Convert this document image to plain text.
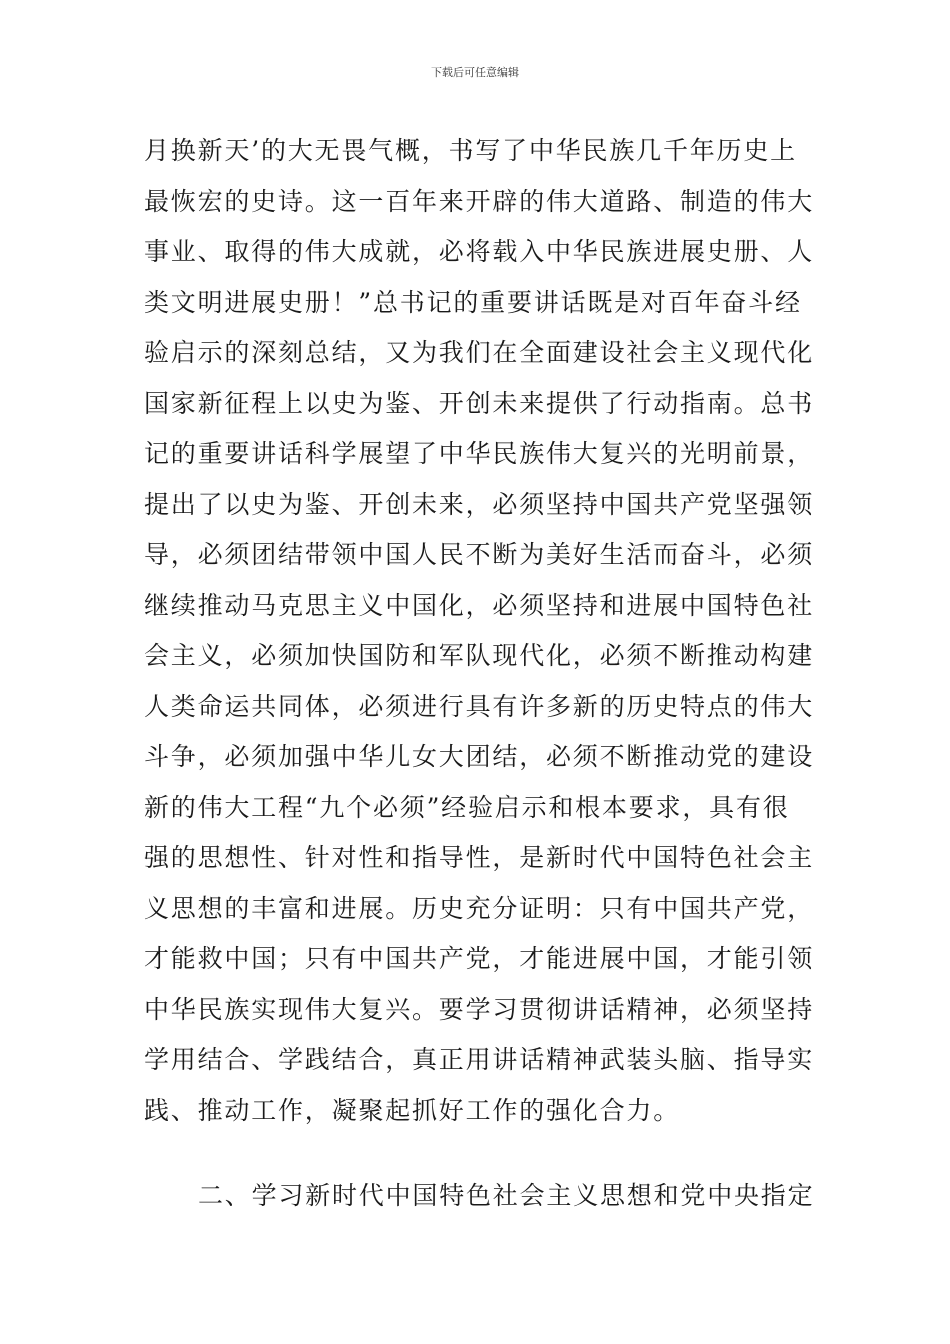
下载后可任意编辑
月换新天’的大无畏气概，书写了中华民族几千年历史上
最恢宏的史诗。这一百年来开辟的伟大道路、制造的伟大
事业、取得的伟大成就，必将载入中华民族进展史册、人
类文明进展史册！”总书记的重要讲话既是对百年奋斗经
验启示的深刻总结，又为我们在全面建设社会主义现代化
国家新征程上以史为鉴、开创未来提供了行动指南。总书
记的重要讲话科学展望了中华民族伟大复兴的光明前景，
提出了以史为鉴、开创未来，必须坚持中国共产党坚强领
导，必须团结带领中国人民不断为美好生活而奋斗，必须
继续推动马克思主义中国化，必须坚持和进展中国特色社
会主义，必须加快国防和军队现代化，必须不断推动构建
人类命运共同体，必须进行具有许多新的历史特点的伟大
斗争，必须加强中华儿女大团结，必须不断推动党的建设
新的伟大工程“九个必须”经验启示和根本要求，具有很
强的思想性、针对性和指导性，是新时代中国特色社会主
义思想的丰富和进展。历史充分证明：只有中国共产党，
才能救中国；只有中国共产党，才能进展中国，才能引领
中华民族实现伟大复兴。要学习贯彻讲话精神，必须坚持
学用结合、学践结合，真正用讲话精神武装头脑、指导实
践、推动工作，凝聚起抓好工作的强化合力。
二、学习新时代中国特色社会主义思想和党中央指定
